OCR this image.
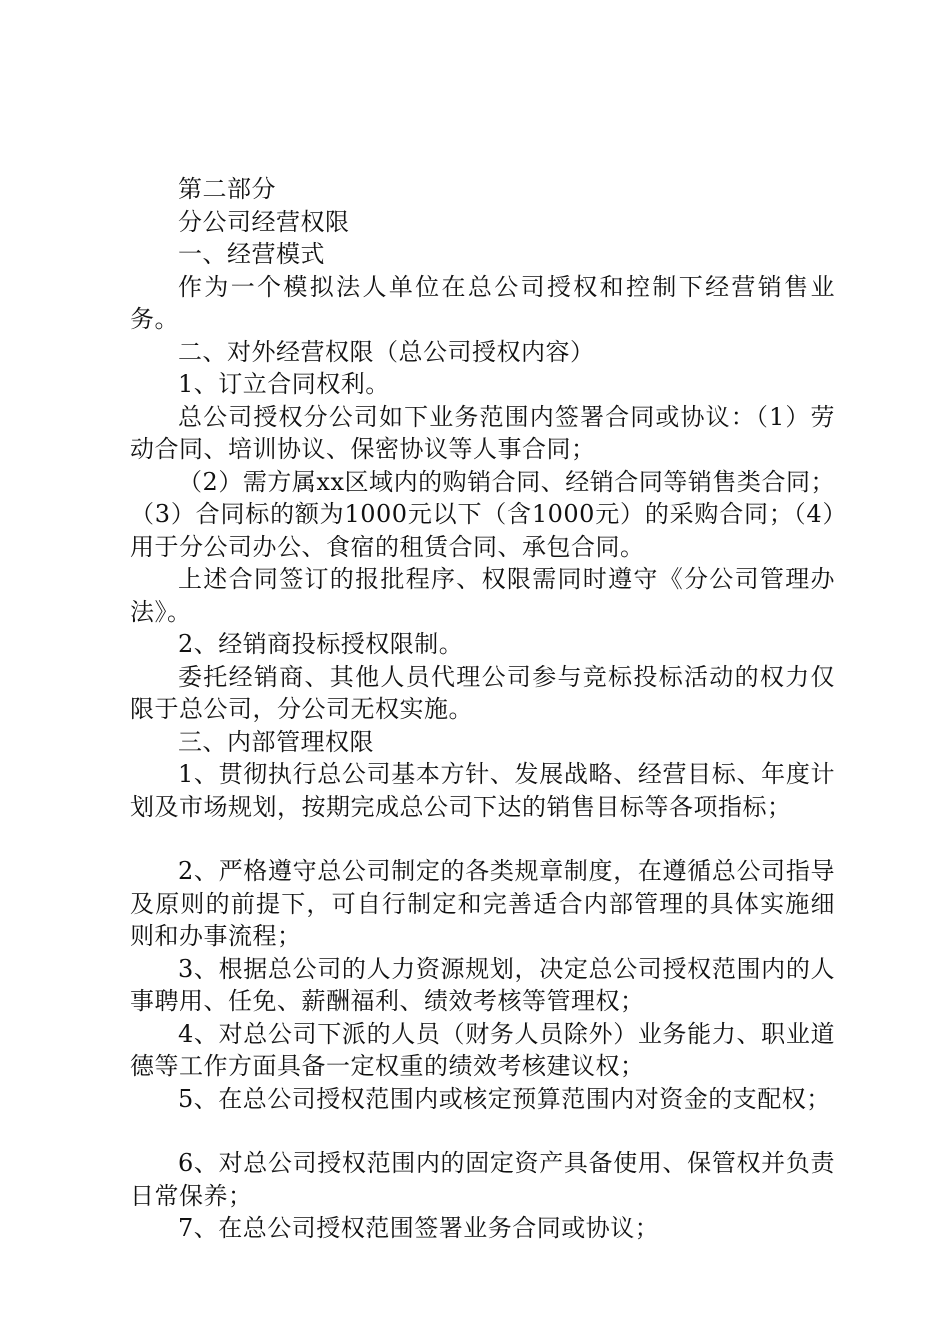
第二部分

分公司经营权限

一、经营模式

作为一个模拟法人单位在总公司授权和控制下经营销售业务。

二、对外经营权限（总公司授权内容）

1、订立合同权利。

总公司授权分公司如下业务范围内签署合同或协议：（1）劳动合同、培训协议、保密协议等人事合同；

（2）需方属xx区域内的购销合同、经销合同等销售类合同；（3）合同标的额为1000元以下（含1000元）的采购合同；（4）用于分公司办公、食宿的租赁合同、承包合同。

上述合同签订的报批程序、权限需同时遵守《分公司管理办法》。

2、经销商投标授权限制。

委托经销商、其他人员代理公司参与竞标投标活动的权力仅限于总公司，分公司无权实施。

三、内部管理权限

1、贯彻执行总公司基本方针、发展战略、经营目标、年度计划及市场规划，按期完成总公司下达的销售目标等各项指标；

2、严格遵守总公司制定的各类规章制度，在遵循总公司指导及原则的前提下，可自行制定和完善适合内部管理的具体实施细则和办事流程；

3、根据总公司的人力资源规划，决定总公司授权范围内的人事聘用、任免、薪酬福利、绩效考核等管理权；

4、对总公司下派的人员（财务人员除外）业务能力、职业道德等工作方面具备一定权重的绩效考核建议权；

5、在总公司授权范围内或核定预算范围内对资金的支配权；

6、对总公司授权范围内的固定资产具备使用、保管权并负责日常保养；

7、在总公司授权范围签署业务合同或协议；
